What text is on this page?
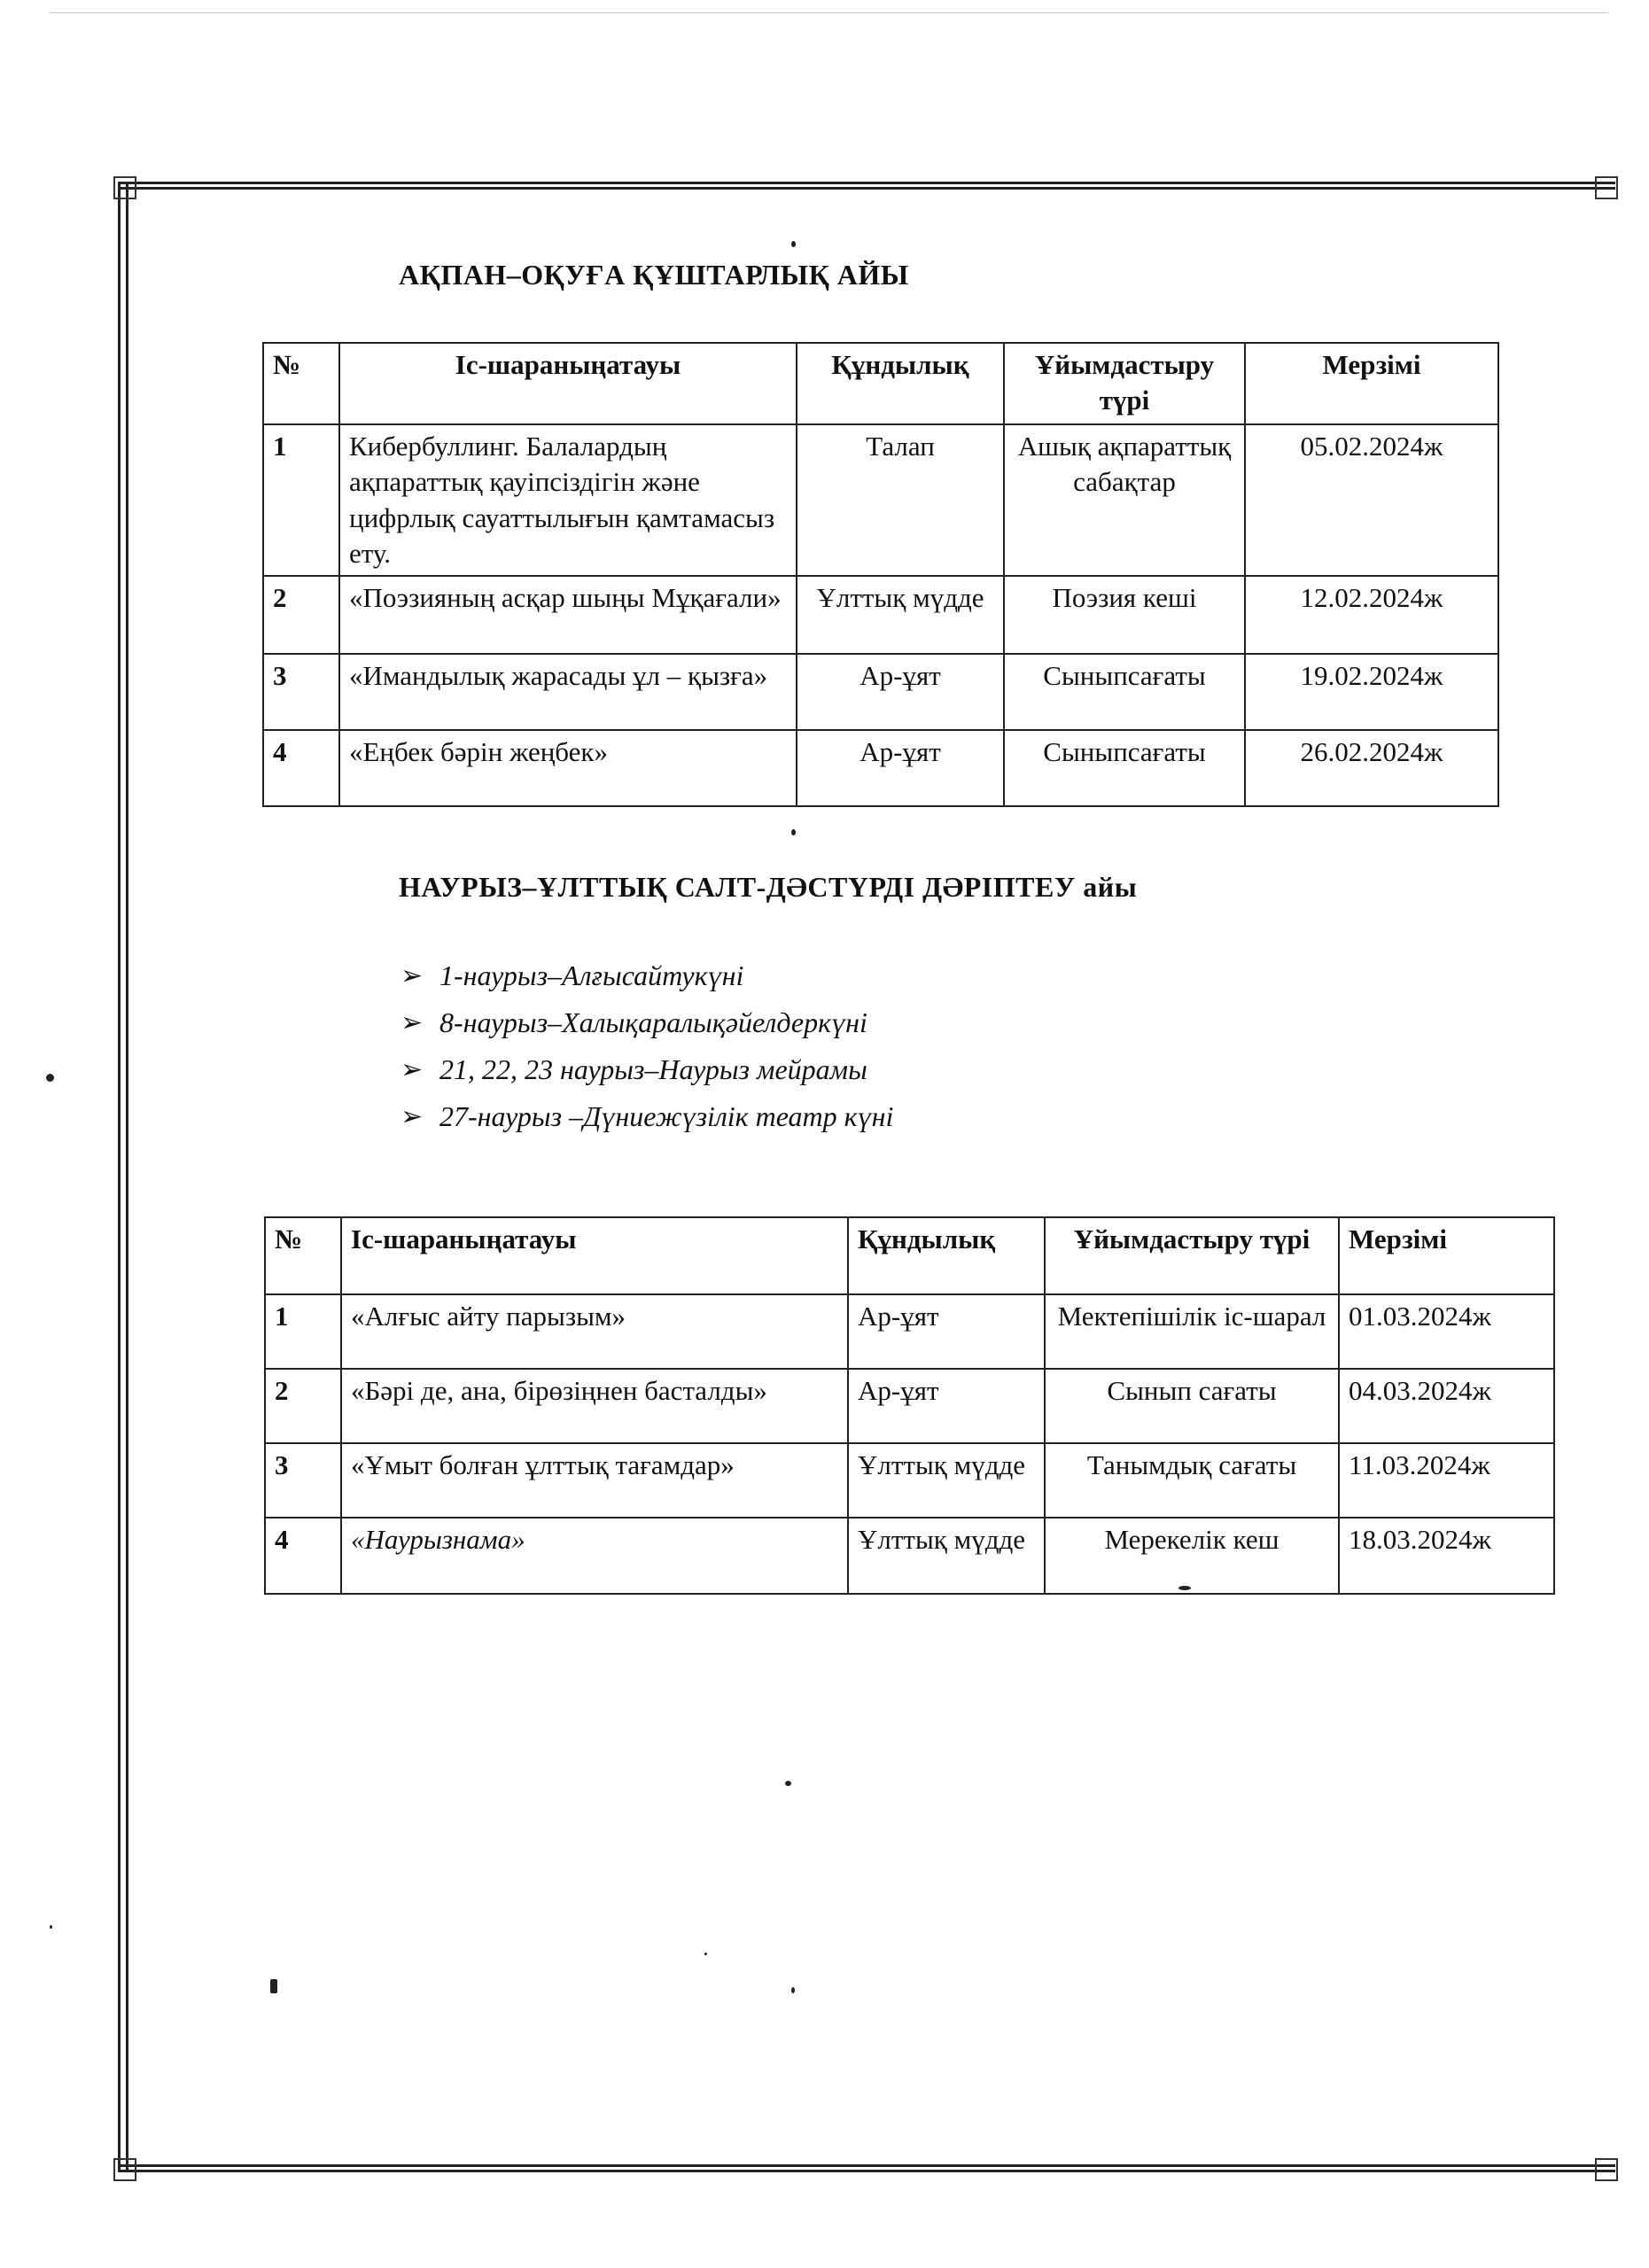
АҚПАН–ОҚУҒА ҚҰШТАРЛЫҚ АЙЫ
№	Іс-шараныңатауы	Құндылық	Ұйымдастыру түрі	Мерзімі
1	Кибербуллинг. Балалардың ақпараттық қауіпсіздігін және цифрлық сауаттылығын қамтамасыз ету.	Талап	Ашық ақпараттық сабақтар	05.02.2024ж
2	«Поэзияның асқар шыңы Мұқағали»	Ұлттық мүдде	Поэзия кеші	12.02.2024ж
3	«Имандылық жарасады ұл – қызға»	Ар-ұят	Сыныпсағаты	19.02.2024ж
4	«Еңбек бәрін жеңбек»	Ар-ұят	Сыныпсағаты	26.02.2024ж
НАУРЫЗ–ҰЛТТЫҚ САЛТ-ДӘСТҮРДІ ДӘРІПТЕУ айы
➢ 1-наурыз–Алғысайтукүні
➢ 8-наурыз–Халықаралықәйелдеркүні
➢ 21, 22, 23 наурыз–Наурыз мейрамы
➢ 27-наурыз –Дүниежүзілік театр күні
№	Іс-шараныңатауы	Құндылық	Ұйымдастыру түрі	Мерзімі
1	«Алғыс айту парызым»	Ар-ұят	Мектепішілік іс-шарал	01.03.2024ж
2	«Бәрі де, ана, бірөзіңнен басталды»	Ар-ұят	Сынып сағаты	04.03.2024ж
3	«Ұмыт болған ұлттық тағамдар»	Ұлттық мүдде	Танымдық сағаты	11.03.2024ж
4	«Наурызнама»	Ұлттық мүдде	Мерекелік кеш	18.03.2024ж
